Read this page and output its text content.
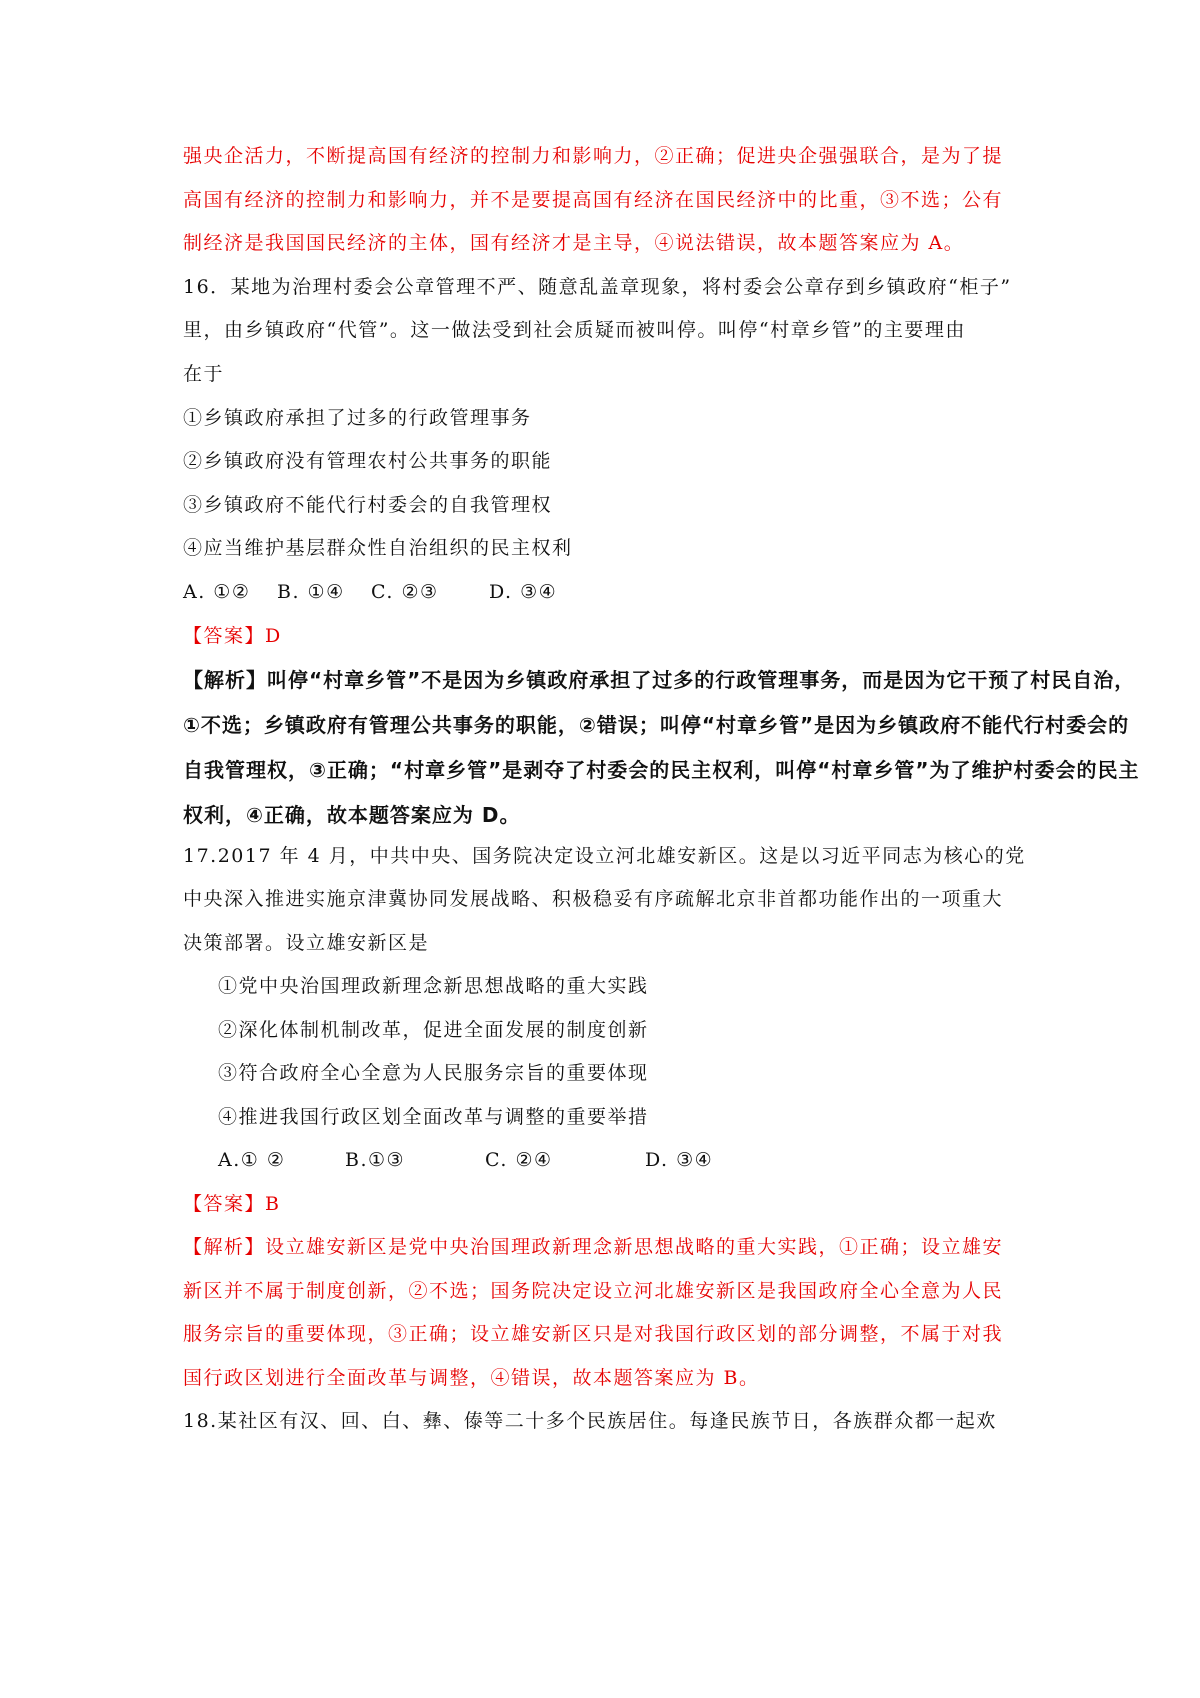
强央企活力，不断提高国有经济的控制力和影响力，②正确；促进央企强强联合，是为了提
高国有经济的控制力和影响力，并不是要提高国有经济在国民经济中的比重，③不选；公有
制经济是我国国民经济的主体，国有经济才是主导，④说法错误，故本题答案应为 A。
16．某地为治理村委会公章管理不严、随意乱盖章现象，将村委会公章存到乡镇政府“柜子”
里，由乡镇政府“代管”。这一做法受到社会质疑而被叫停。叫停“村章乡管”的主要理由
在于
①乡镇政府承担了过多的行政管理事务
②乡镇政府没有管理农村公共事务的职能
③乡镇政府不能代行村委会的自我管理权
④应当维护基层群众性自治组织的民主权利
A. ①② B. ①④ C. ②③	D. ③④
【答案】D
【解析】叫停“村章乡管”不是因为乡镇政府承担了过多的行政管理事务，而是因为它干预了村民自治，
①不选；乡镇政府有管理公共事务的职能，②错误；叫停“村章乡管”是因为乡镇政府不能代行村委会的
自我管理权，③正确；“村章乡管”是剥夺了村委会的民主权利，叫停“村章乡管”为了维护村委会的民主
权利，④正确，故本题答案应为 D。
17.2017 年 4 月，中共中央、国务院决定设立河北雄安新区。这是以习近平同志为核心的党
中央深入推进实施京津冀协同发展战略、积极稳妥有序疏解北京非首都功能作出的一项重大
决策部署。设立雄安新区是
①党中央治国理政新理念新思想战略的重大实践
②深化体制机制改革，促进全面发展的制度创新
③符合政府全心全意为人民服务宗旨的重要体现
④推进我国行政区划全面改革与调整的重要举措
A.① ②	B.①③	C. ②④	D. ③④
【答案】B
【解析】设立雄安新区是党中央治国理政新理念新思想战略的重大实践，①正确；设立雄安
新区并不属于制度创新，②不选；国务院决定设立河北雄安新区是我国政府全心全意为人民
服务宗旨的重要体现，③正确；设立雄安新区只是对我国行政区划的部分调整，不属于对我
国行政区划进行全面改革与调整，④错误，故本题答案应为 B。
18.某社区有汉、回、白、彝、傣等二十多个民族居住。每逢民族节日，各族群众都一起欢
